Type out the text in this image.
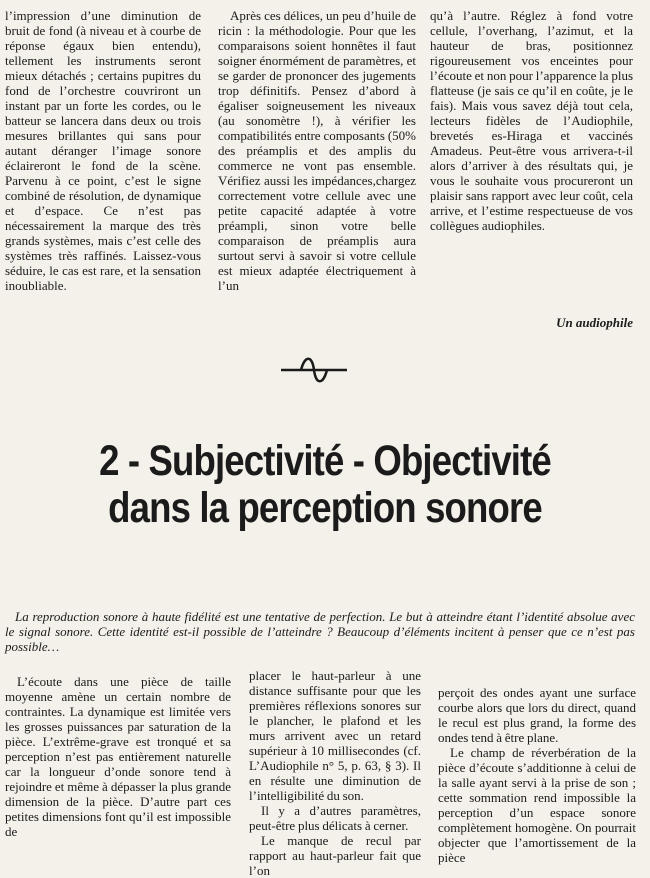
l’impression d’une diminution de bruit de fond (à niveau et à courbe de réponse égaux bien entendu), tellement les instruments seront mieux détachés ; certains pupitres du fond de l’orchestre couvriront un instant par un forte les cordes, ou le batteur se lancera dans deux ou trois mesures brillantes qui sans pour autant déranger l’image sonore éclaireront le fond de la scène. Parvenu à ce point, c’est le signe combiné de résolution, de dynamique et d’espace. Ce n’est pas nécessairement la marque des très grands systèmes, mais c’est celle des systèmes très raffinés. Laissez-vous séduire, le cas est rare, et la sensation inoubliable.

Après ces délices, un peu d’huile de ricin : la méthodologie. Pour que les comparaisons soient honnêtes il faut soigner énormément de paramètres, et se garder de prononcer des jugements trop définitifs. Pensez d’abord à égaliser soigneusement les niveaux (au sonomètre !), à vérifier les compatibilités entre composants (50% des préamplis et des amplis du commerce ne vont pas ensemble. Vérifiez aussi les impédances,chargez correctement votre cellule avec une petite capacité adaptée à votre préampli, sinon votre belle comparaison de préamplis aura surtout servi à savoir si votre cellule est mieux adaptée électriquement à l’un

qu’à l’autre. Réglez à fond votre cellule, l’overhang, l’azimut, et la hauteur de bras, positionnez rigoureusement vos enceintes pour l’écoute et non pour l’apparence la plus flatteuse (je sais ce qu’il en coûte, je le fais). Mais vous savez déjà tout cela, lecteurs fidèles de l’Audiophile, brevetés es-Hiraga et vaccinés Amadeus. Peut-être vous arrivera-t-il alors d’arriver à des résultats qui, je vous le souhaite vous procureront un plaisir sans rapport avec leur coût, cela arrive, et l’estime respectueuse de vos collègues audiophiles.

Un audiophile
2 - Subjectivité - Objectivité
dans la perception sonore

La reproduction sonore à haute fidélité est une tentative de perfection. Le but à atteindre étant l’identité absolue avec le signal sonore. Cette identité est-il possible de l’atteindre ? Beaucoup d’éléments incitent à penser que ce n’est pas possible…

L’écoute dans une pièce de taille moyenne amène un certain nombre de contraintes. La dynamique est limitée vers les grosses puissances par saturation de la pièce. L’extrême-grave est tronqué et sa perception n’est pas entièrement naturelle car la longueur d’onde sonore tend à rejoindre et même à dépasser la plus grande dimension de la pièce. D’autre part ces petites dimensions font qu’il est impossible de

placer le haut-parleur à une distance suffisante pour que les premières réflexions sonores sur le plancher, le plafond et les murs arrivent avec un retard supérieur à 10 millisecondes (cf. L’Audiophile n° 5, p. 63, § 3). Il en résulte une diminution de l’intelligibilité du son.

Il y a d’autres paramètres, peut-être plus délicats à cerner.

Le manque de recul par rapport au haut-parleur fait que l’on

perçoit des ondes ayant une surface courbe alors que lors du direct, quand le recul est plus grand, la forme des ondes tend à être plane.

Le champ de réverbération de la pièce d’écoute s’additionne à celui de la salle ayant servi à la prise de son ; cette sommation rend impossible la perception d’un espace sonore complètement homogène. On pourrait objecter que l’amortissement de la pièce
